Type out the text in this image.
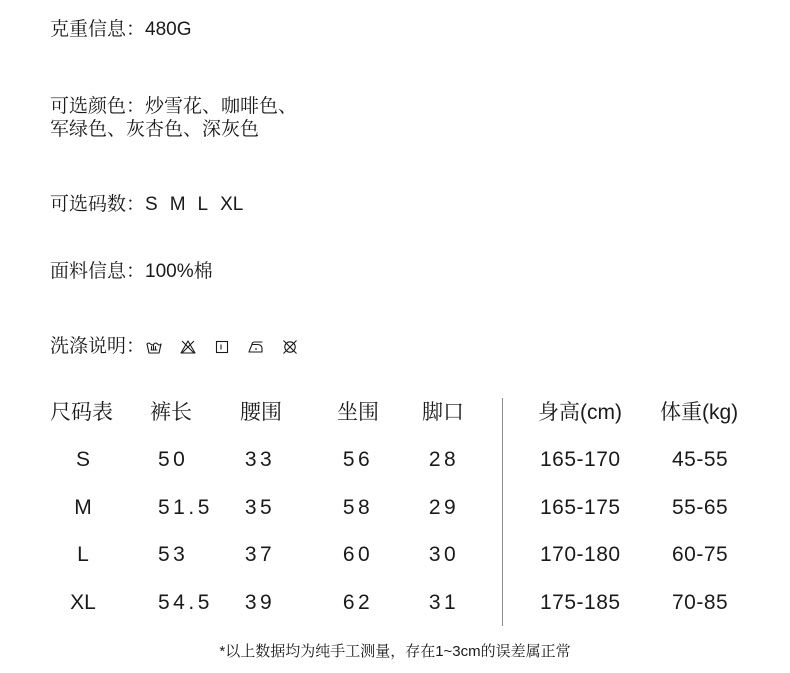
克重信息：480G
可选颜色：炒雪花、咖啡色、
军绿色、灰杏色、深灰色
可选码数：S M L XL
面料信息：100%棉
洗涤说明：
尺码表 裤长 腰围	坐围 脚口	身高(cm) 体重(kg)
S	50	33	56	28	165-170 45-55
M	51.5	35	58	29	165-175 55-65
L	53	37	60	30	170-180 60-75
XL	54.5	39	62	31	175-185 70-85
*以上数据均为纯手工测量，存在1~3cm的误差属正常
